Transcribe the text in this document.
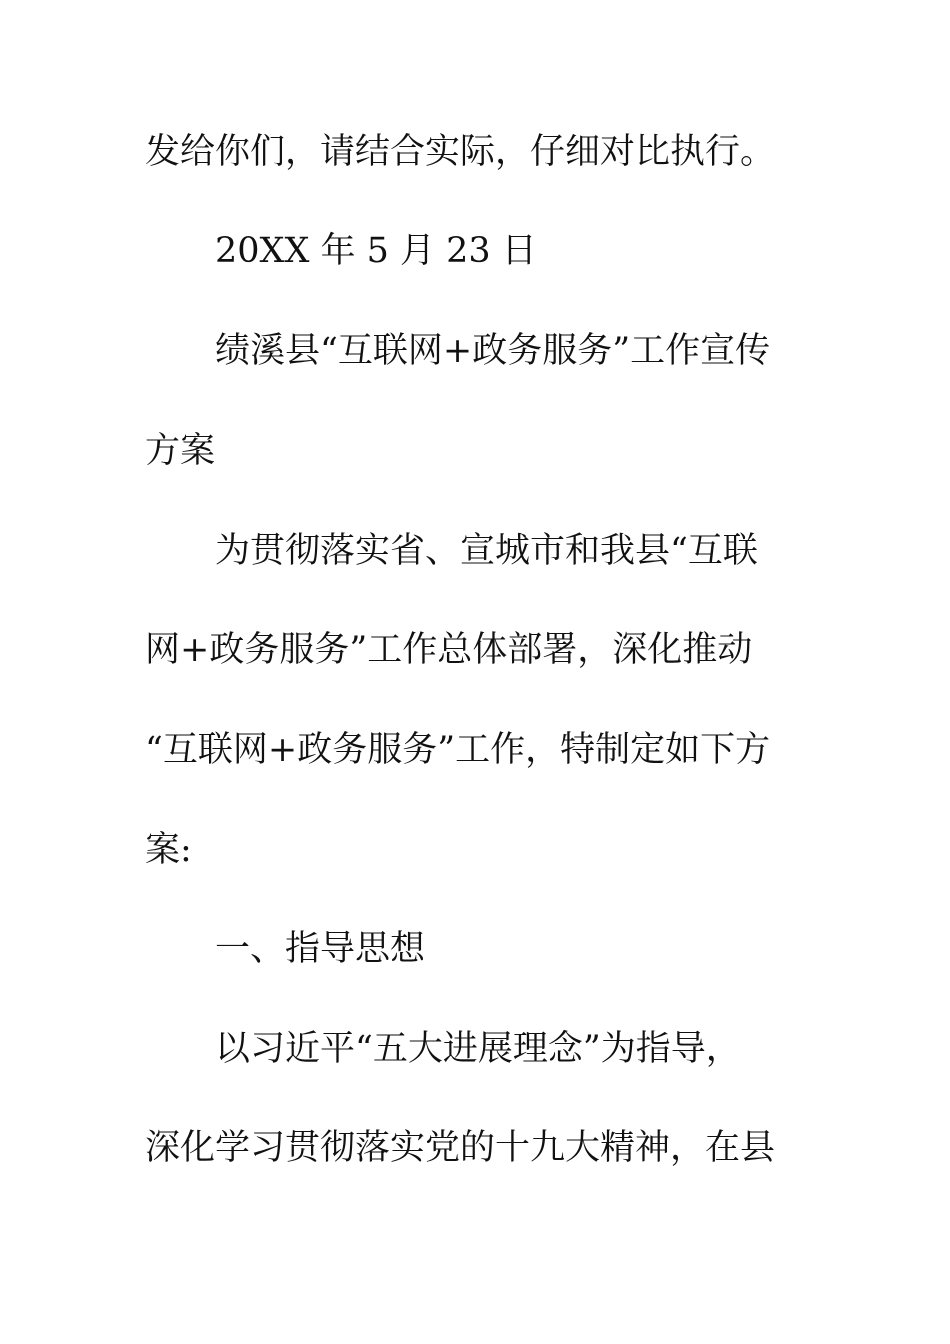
发给你们，请结合实际，仔细对比执行。
20XX 年 5 月 23 日
绩溪县“互联网+政务服务”工作宣传
方案
为贯彻落实省、宣城市和我县“互联
网+政务服务”工作总体部署，深化推动
“互联网+政务服务”工作，特制定如下方
案:
一、指导思想
以习近平“五大进展理念”为指导，
深化学习贯彻落实党的十九大精神，在县
